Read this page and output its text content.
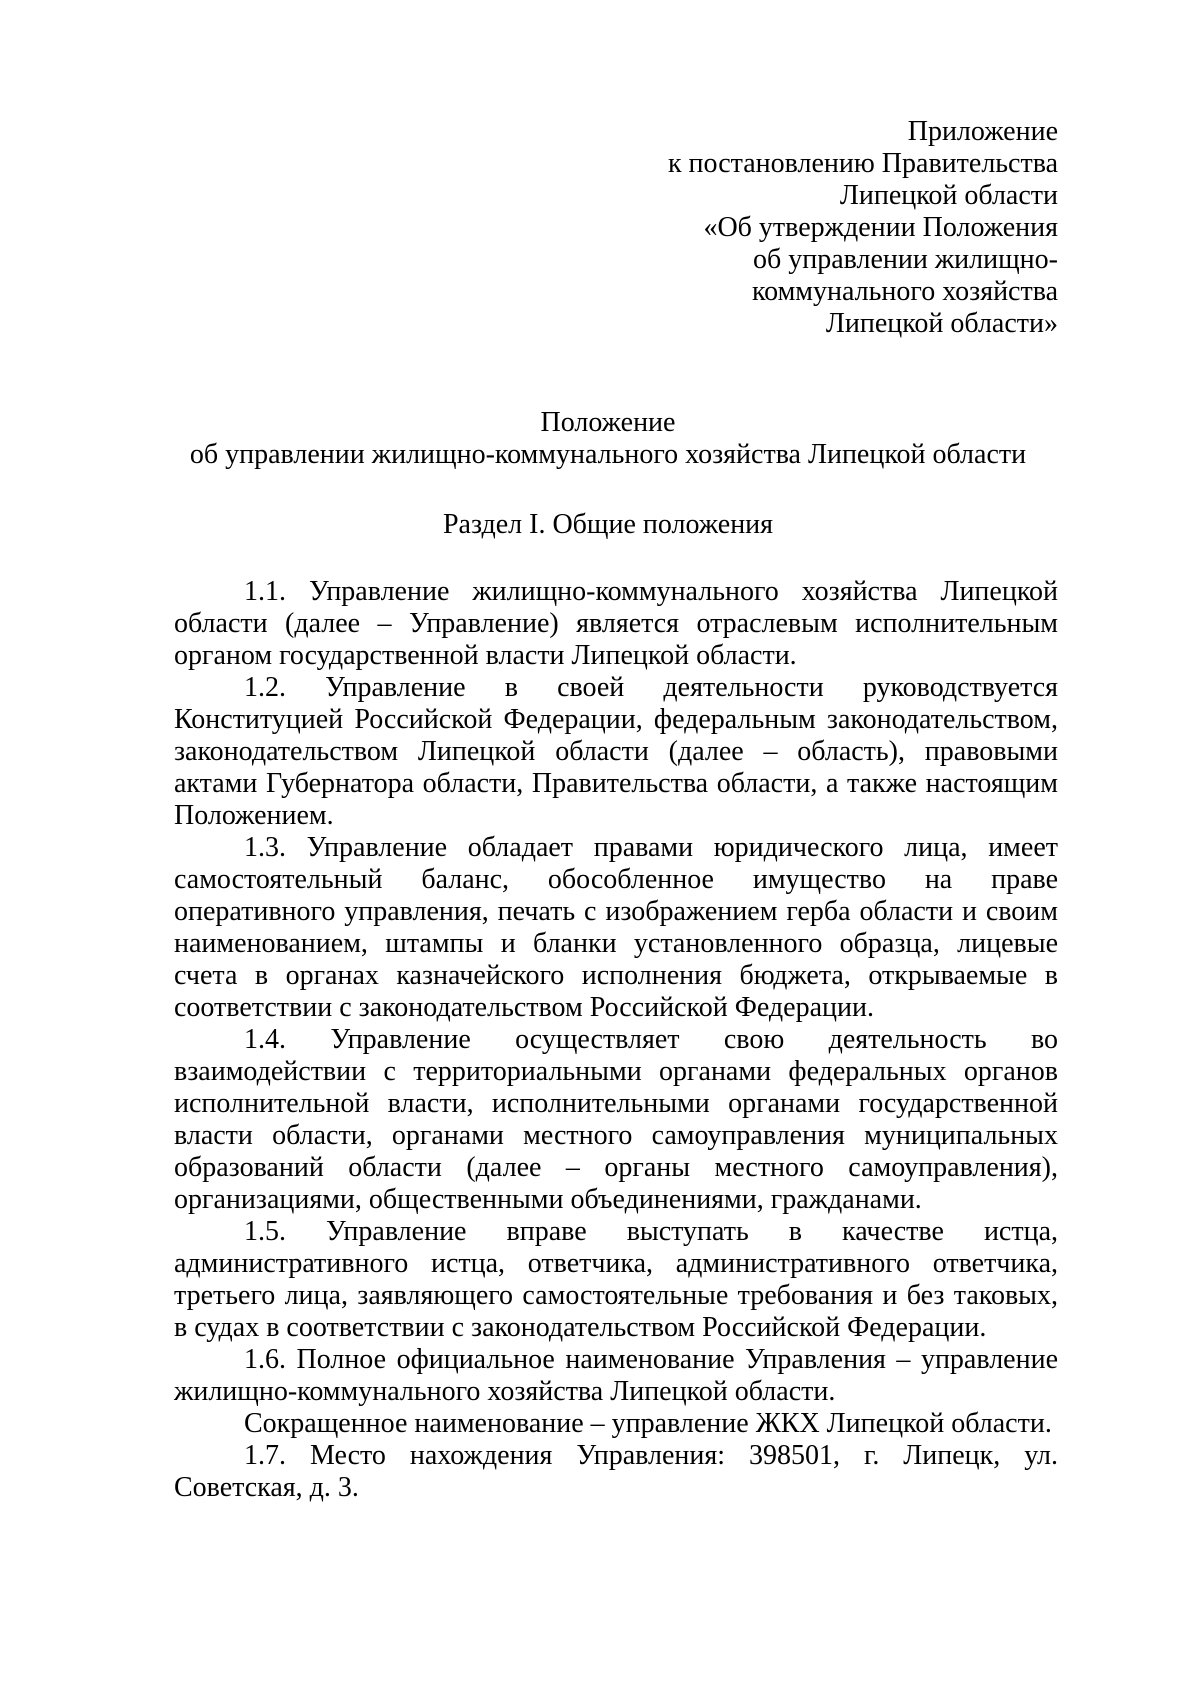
Приложение
к постановлению Правительства
Липецкой области
«Об утверждении Положения
об управлении жилищно-
коммунального хозяйства
Липецкой области»
Положение
об управлении жилищно-коммунального хозяйства Липецкой области
Раздел I. Общие положения

1.1. Управление жилищно-коммунального хозяйства Липецкой области (далее – Управление) является отраслевым исполнительным органом государственной власти Липецкой области.

1.2. Управление в своей деятельности руководствуется Конституцией Российской Федерации, федеральным законодательством, законодательством Липецкой области (далее – область), правовыми актами Губернатора области, Правительства области, а также настоящим Положением.

1.3. Управление обладает правами юридического лица, имеет самостоятельный баланс, обособленное имущество на праве оперативного управления, печать с изображением герба области и своим наименованием, штампы и бланки установленного образца, лицевые счета в органах казначейского исполнения бюджета, открываемые в соответствии с законодательством Российской Федерации.

1.4. Управление осуществляет свою деятельность во взаимодействии с территориальными органами федеральных органов исполнительной власти, исполнительными органами государственной власти области, органами местного самоуправления муниципальных образований области (далее – органы местного самоуправления), организациями, общественными объединениями, гражданами.

1.5. Управление вправе выступать в качестве истца, административного истца, ответчика, административного ответчика, третьего лица, заявляющего самостоятельные требования и без таковых, в судах в соответствии с законодательством Российской Федерации.

1.6. Полное официальное наименование Управления – управление жилищно-коммунального хозяйства Липецкой области.

Сокращенное наименование – управление ЖКХ Липецкой области.

1.7. Место нахождения Управления: 398501, г. Липецк, ул. Советская, д. 3.
